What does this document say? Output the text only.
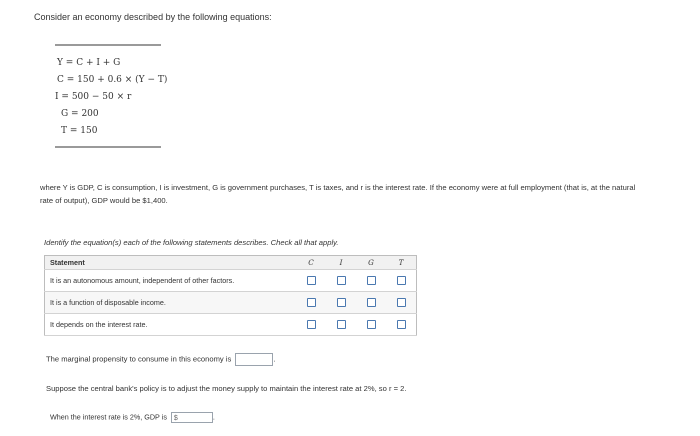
Consider an economy described by the following equations:
Y = C + I + G
C = 150 + 0.6 × (Y − T)
I = 500 − 50 × r
G = 200
T = 150
where Y is GDP, C is consumption, I is investment, G is government purchases, T is taxes, and r is the interest rate. If the economy were at full employment (that is, at the natural rate of output), GDP would be $1,400.
Identify the equation(s) each of the following statements describes. Check all that apply.
Statement	C	I	G	T
It is an autonomous amount, independent of other factors.				
It is a function of disposable income.				
It depends on the interest rate.				
The marginal propensity to consume in this economy is	.
Suppose the central bank's policy is to adjust the money supply to maintain the interest rate at 2%, so r = 2.
When the interest rate is 2%, GDP is $	.
